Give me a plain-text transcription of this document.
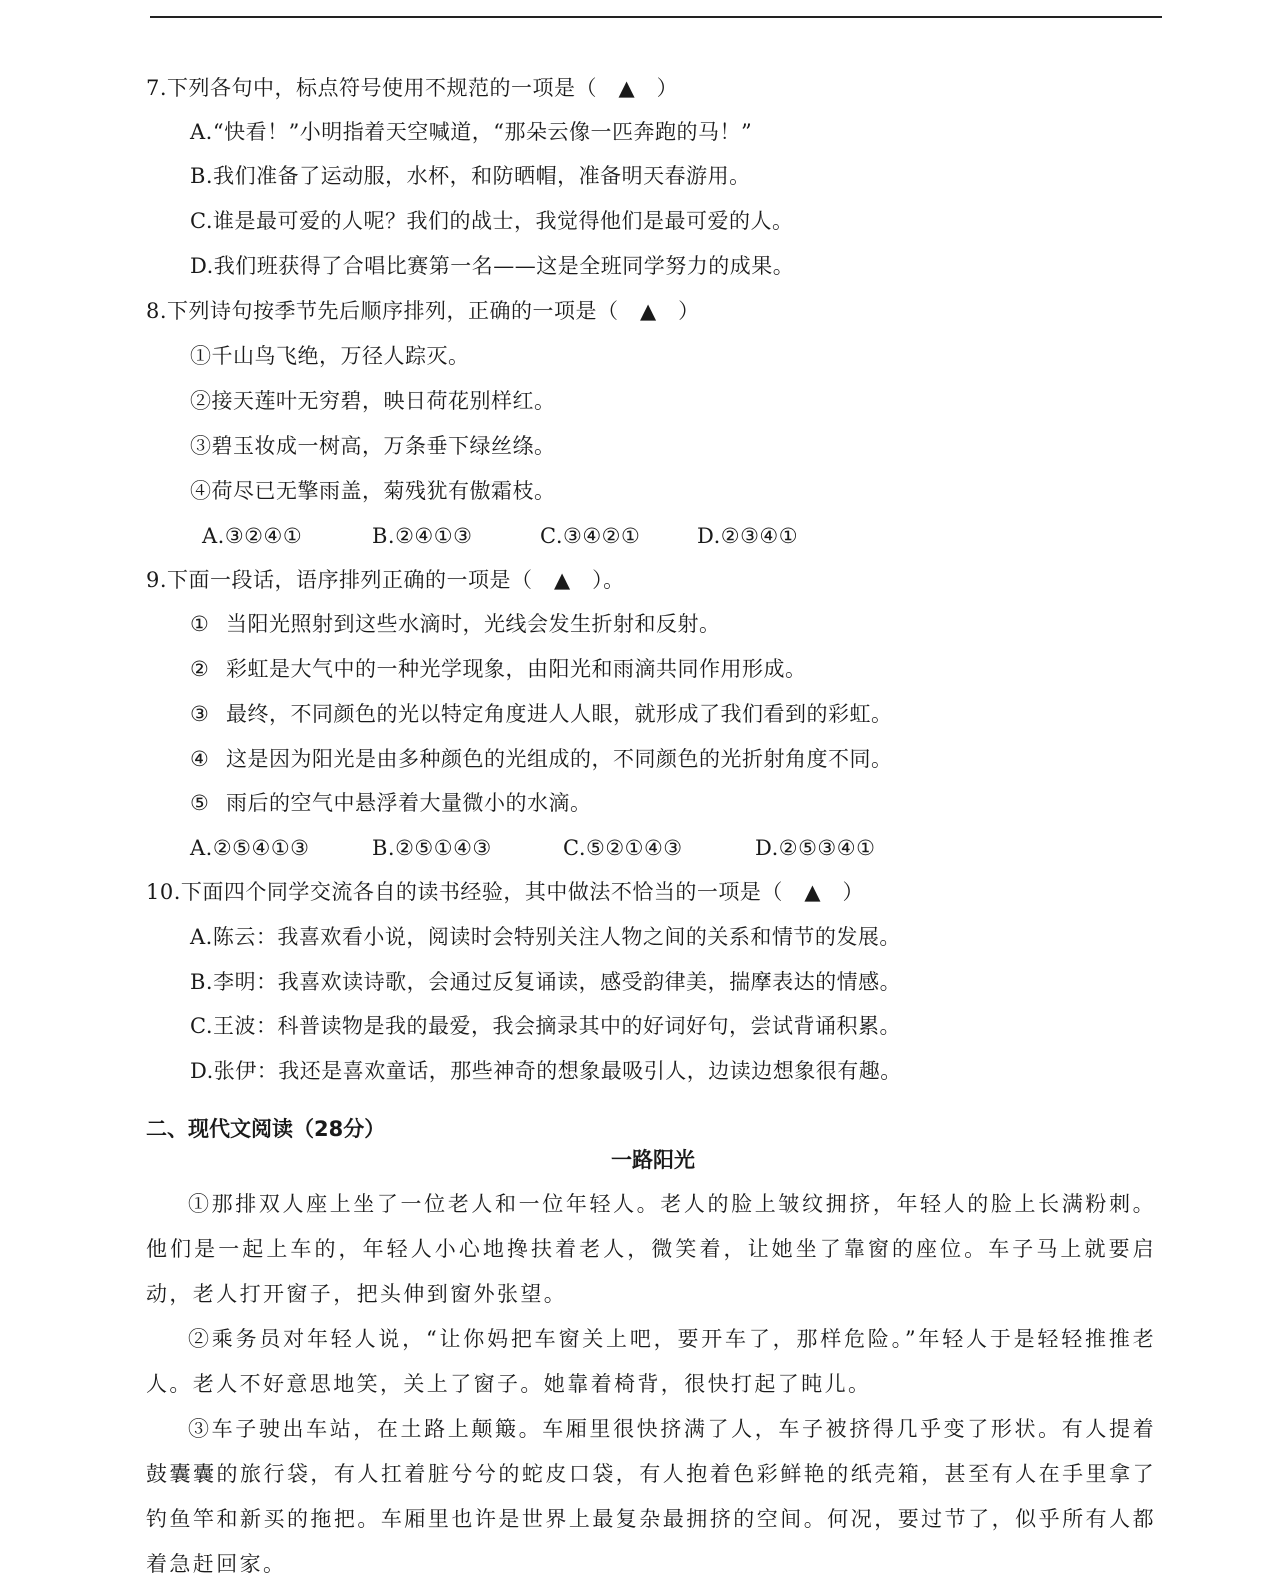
7.下列各句中，标点符号使用不规范的一项是（　▲　）
A.“快看！”小明指着天空喊道，“那朵云像一匹奔跑的马！”
B.我们准备了运动服，水杯，和防晒帽，准备明天春游用。
C.谁是最可爱的人呢？我们的战士，我觉得他们是最可爱的人。
D.我们班获得了合唱比赛第一名——这是全班同学努力的成果。
8.下列诗句按季节先后顺序排列，正确的一项是（　▲　）
①千山鸟飞绝，万径人踪灭。
②接天莲叶无穷碧，映日荷花别样红。
③碧玉妆成一树高，万条垂下绿丝绦。
④荷尽已无擎雨盖，菊残犹有傲霜枝。
A.③②④①	B.②④①③	C.③④②①	D.②③④①
9.下面一段话，语序排列正确的一项是（　▲　）。
① 当阳光照射到这些水滴时，光线会发生折射和反射。
② 彩虹是大气中的一种光学现象，由阳光和雨滴共同作用形成。
③ 最终，不同颜色的光以特定角度进人人眼，就形成了我们看到的彩虹。
④ 这是因为阳光是由多种颜色的光组成的，不同颜色的光折射角度不同。
⑤ 雨后的空气中悬浮着大量微小的水滴。
A.②⑤④①③	B.②⑤①④③	C.⑤②①④③	D.②⑤③④①
10.下面四个同学交流各自的读书经验，其中做法不恰当的一项是（　▲　）
A.陈云：我喜欢看小说，阅读时会特别关注人物之间的关系和情节的发展。
B.李明：我喜欢读诗歌，会通过反复诵读，感受韵律美，揣摩表达的情感。
C.王波：科普读物是我的最爱，我会摘录其中的好词好句，尝试背诵积累。
D.张伊：我还是喜欢童话，那些神奇的想象最吸引人，边读边想象很有趣。
二、现代文阅读（28分）
一路阳光
①那排双人座上坐了一位老人和一位年轻人。老人的脸上皱纹拥挤，年轻人的脸上长满粉刺。他们是一起上车的，年轻人小心地搀扶着老人，微笑着，让她坐了靠窗的座位。车子马上就要启动，老人打开窗子，把头伸到窗外张望。
②乘务员对年轻人说，“让你妈把车窗关上吧，要开车了，那样危险。”年轻人于是轻轻推推老人。老人不好意思地笑，关上了窗子。她靠着椅背，很快打起了盹儿。
③车子驶出车站，在土路上颠簸。车厢里很快挤满了人，车子被挤得几乎变了形状。有人提着鼓囊囊的旅行袋，有人扛着脏兮兮的蛇皮口袋，有人抱着色彩鲜艳的纸壳箱，甚至有人在手里拿了钓鱼竿和新买的拖把。车厢里也许是世界上最复杂最拥挤的空间。何况，要过节了，似乎所有人都着急赶回家。
